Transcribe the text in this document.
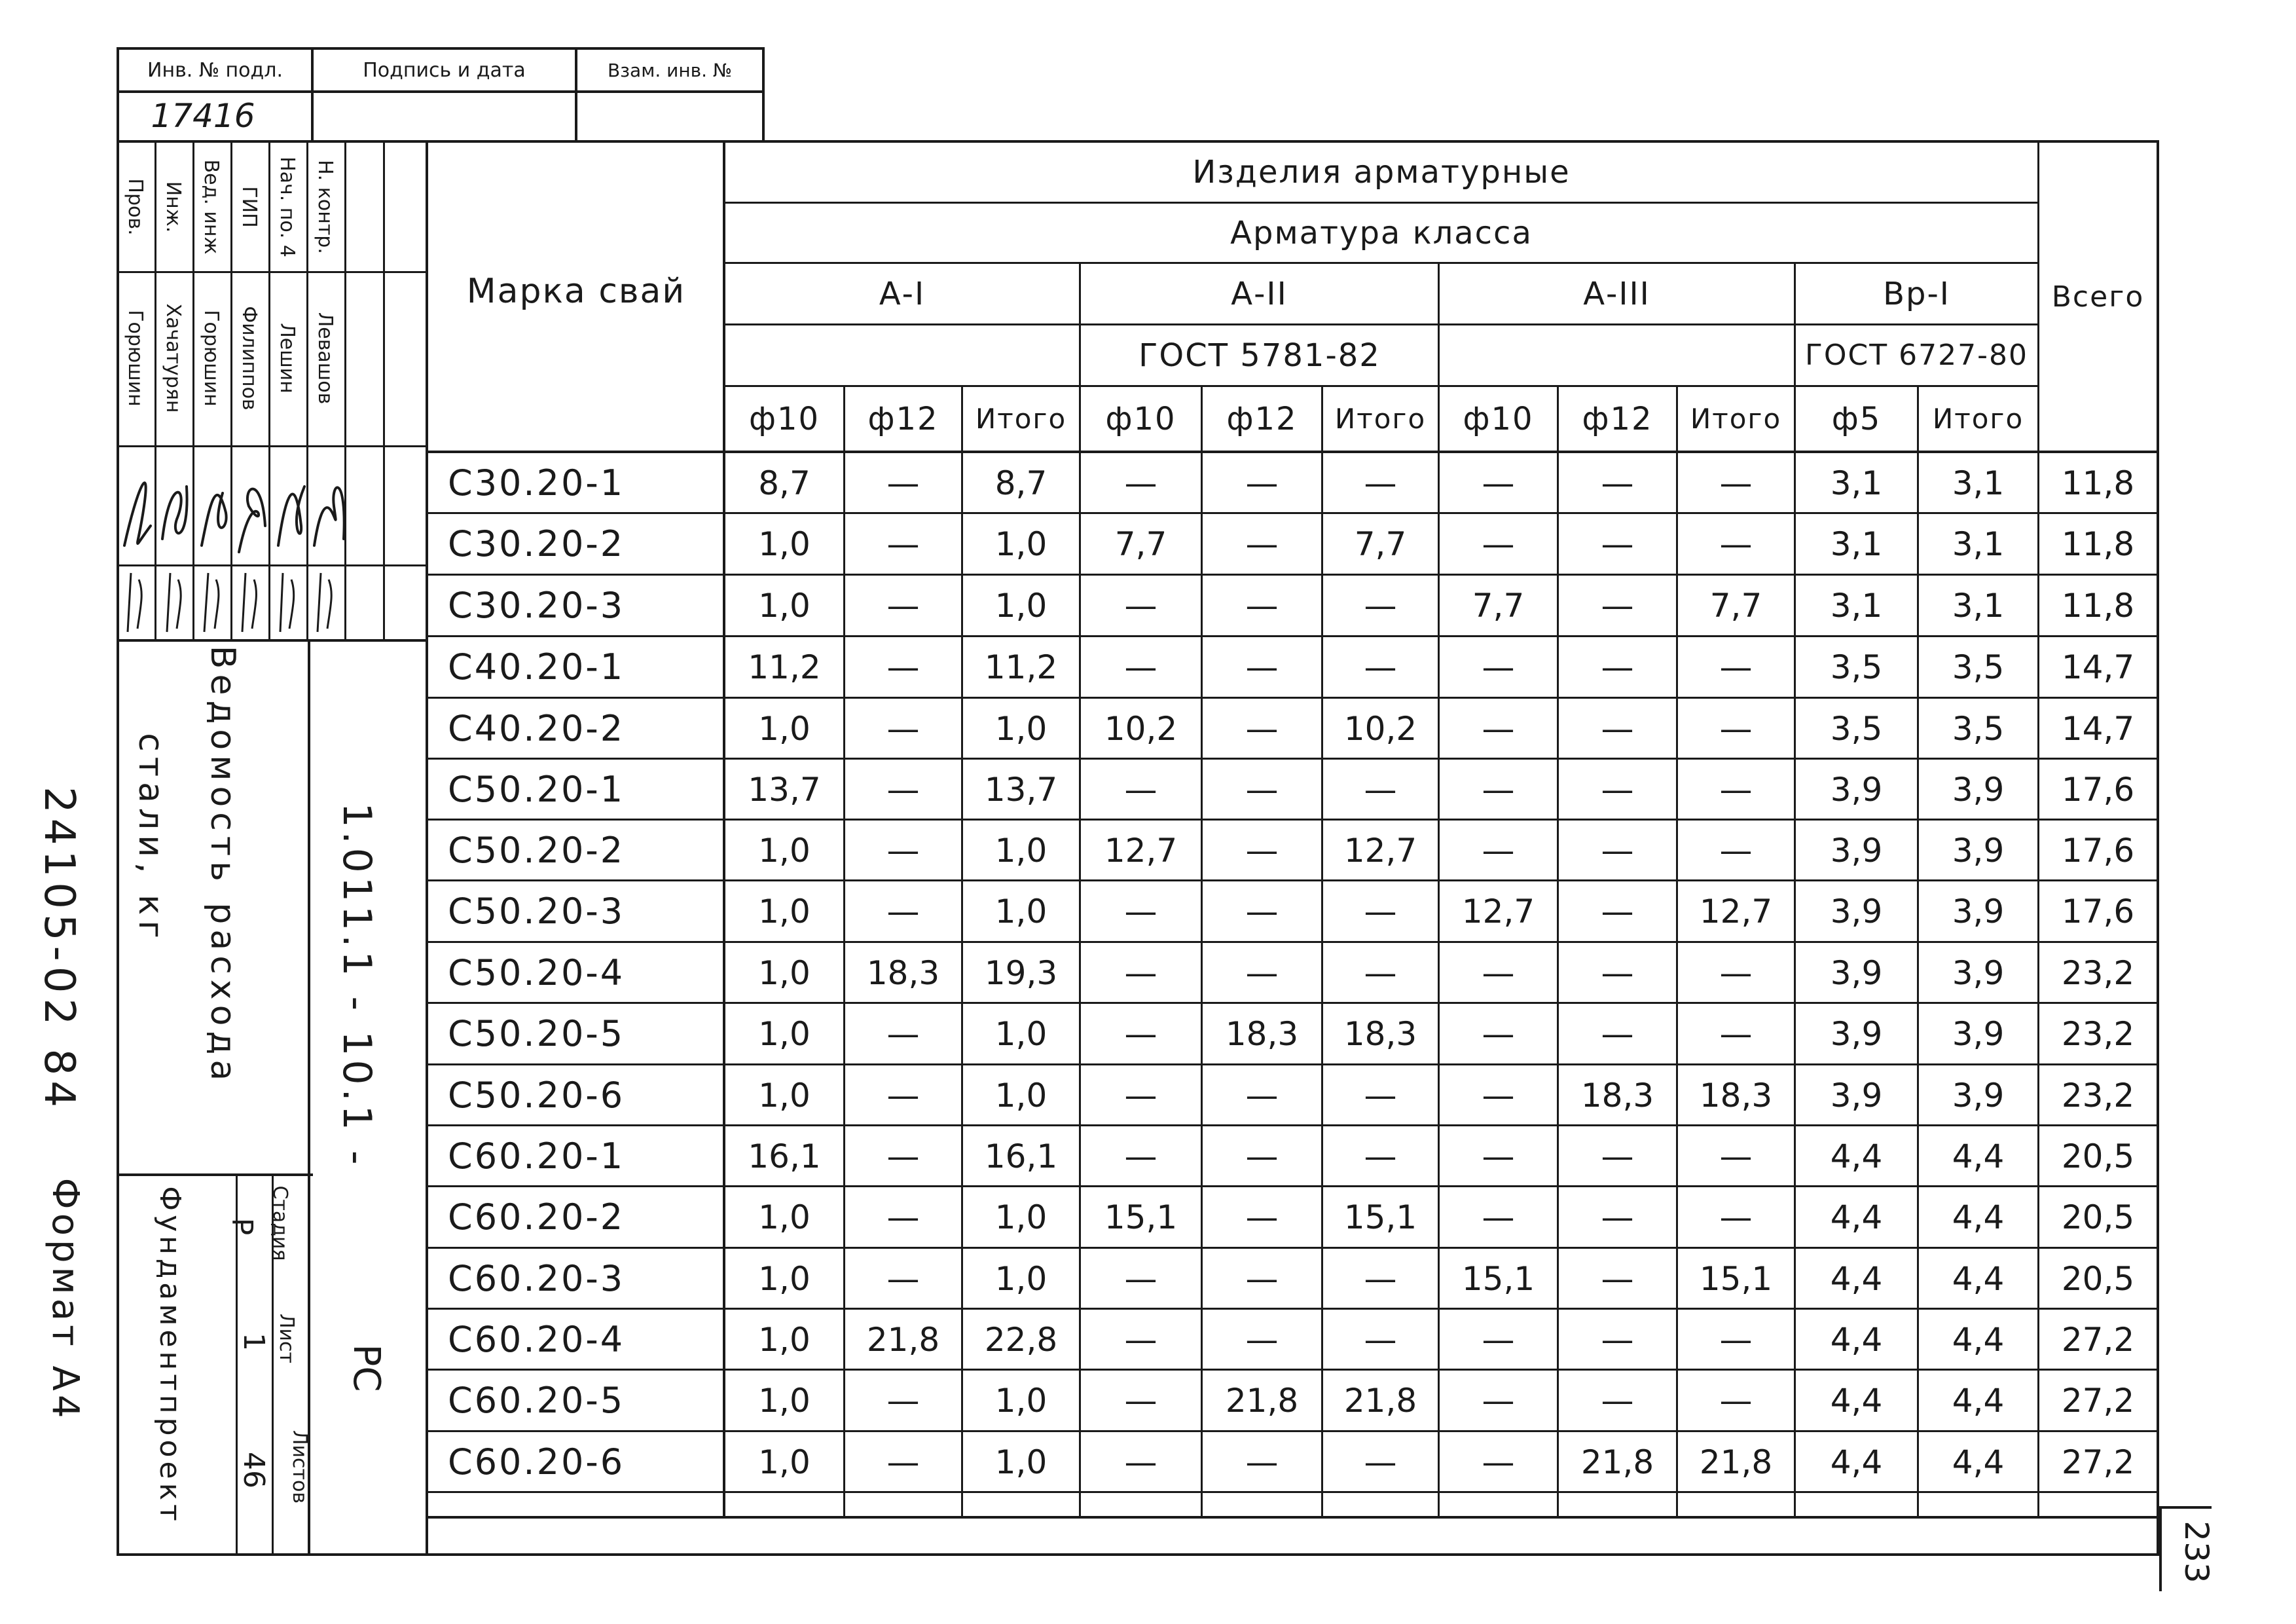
Инв. № подл.	Подпись и дата	Взам. инв. №
17416
Пров. Инж. Вед. инж ГИП Нач. по. 4 Н. контр.
Горюшин Хачатурян Горюшин Филиппов Лешин Левашов
Ведомость расхода
стали, кг	1.011.1 - 10.1 -
РС
Стадия
Р
Лист
1
Листов
46
Фундаментпроект
24105-02 84
Формат А4
233
Марка свай
Изделия арматурные
Арматура класса
А-I	А-II	А-III	Вр-I
ГОСТ 5781-82	ГОСТ 6727-80
Всего
ф10	ф12	Итого	ф10	ф12	Итого	ф10	ф12	Итого	ф5	Итого
С30.20-1	8,7	—	8,7	—	—	—	—	—	—	3,1	3,1	11,8
С30.20-2	1,0	—	1,0	7,7	—	7,7	—	—	—	3,1	3,1	11,8
С30.20-3	1,0	—	1,0	—	—	—	7,7	—	7,7	3,1	3,1	11,8
С40.20-1	11,2	—	11,2	—	—	—	—	—	—	3,5	3,5	14,7
С40.20-2	1,0	—	1,0	10,2	—	10,2	—	—	—	3,5	3,5	14,7
С50.20-1	13,7	—	13,7	—	—	—	—	—	—	3,9	3,9	17,6
С50.20-2	1,0	—	1,0	12,7	—	12,7	—	—	—	3,9	3,9	17,6
С50.20-3	1,0	—	1,0	—	—	—	12,7	—	12,7	3,9	3,9	17,6
С50.20-4	1,0	18,3	19,3	—	—	—	—	—	—	3,9	3,9	23,2
С50.20-5	1,0	—	1,0	—	18,3	18,3	—	—	—	3,9	3,9	23,2
С50.20-6	1,0	—	1,0	—	—	—	—	18,3	18,3	3,9	3,9	23,2
С60.20-1	16,1	—	16,1	—	—	—	—	—	—	4,4	4,4	20,5
С60.20-2	1,0	—	1,0	15,1	—	15,1	—	—	—	4,4	4,4	20,5
С60.20-3	1,0	—	1,0	—	—	—	15,1	—	15,1	4,4	4,4	20,5
С60.20-4	1,0	21,8	22,8	—	—	—	—	—	—	4,4	4,4	27,2
С60.20-5	1,0	—	1,0	—	21,8	21,8	—	—	—	4,4	4,4	27,2
С60.20-6	1,0	—	1,0	—	—	—	—	21,8	21,8	4,4	4,4	27,2
